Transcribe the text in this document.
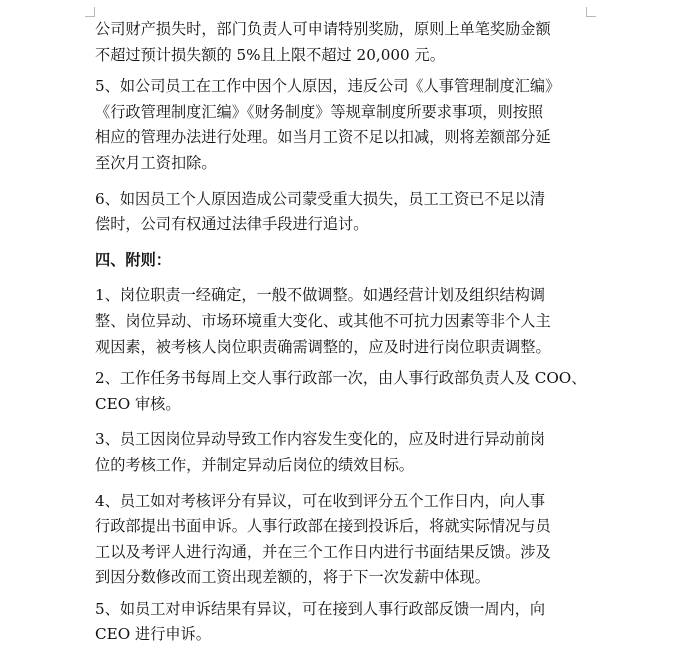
公司财产损失时，部门负责人可申请特别奖励，原则上单笔奖励金额
不超过预计损失额的 5%且上限不超过 20,000 元。

5、如公司员工在工作中因个人原因，违反公司《人事管理制度汇编》
《行政管理制度汇编》《财务制度》等规章制度所要求事项，则按照
相应的管理办法进行处理。如当月工资不足以扣减，则将差额部分延
至次月工资扣除。

6、如因员工个人原因造成公司蒙受重大损失，员工工资已不足以清
偿时，公司有权通过法律手段进行追讨。

四、附则：

1、岗位职责一经确定，一般不做调整。如遇经营计划及组织结构调
整、岗位异动、市场环境重大变化、或其他不可抗力因素等非个人主
观因素，被考核人岗位职责确需调整的，应及时进行岗位职责调整。

2、工作任务书每周上交人事行政部一次，由人事行政部负责人及 COO、
CEO 审核。

3、员工因岗位异动导致工作内容发生变化的，应及时进行异动前岗
位的考核工作，并制定异动后岗位的绩效目标。

4、员工如对考核评分有异议，可在收到评分五个工作日内，向人事
行政部提出书面申诉。人事行政部在接到投诉后，将就实际情况与员
工以及考评人进行沟通，并在三个工作日内进行书面结果反馈。涉及
到因分数修改而工资出现差额的，将于下一次发薪中体现。

5、如员工对申诉结果有异议，可在接到人事行政部反馈一周内，向
CEO 进行申诉。
